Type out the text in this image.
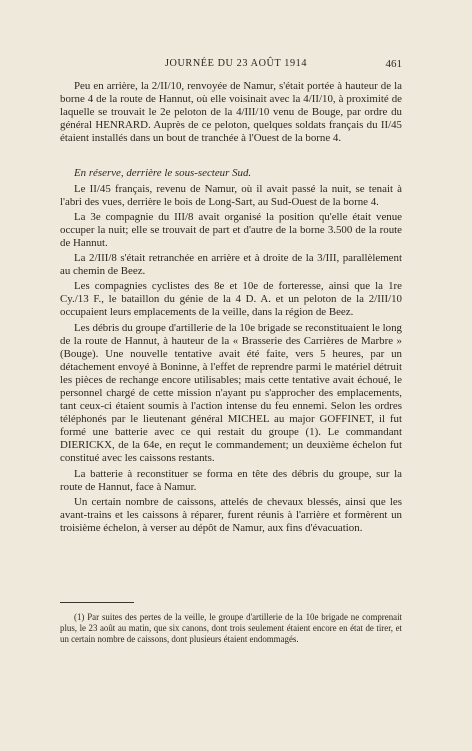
JOURNÉE DU 23 AOÛT 1914	461

Peu en arrière, la 2/II/10, renvoyée de Namur, s'était portée à hauteur de la borne 4 de la route de Hannut, où elle voisinait avec la 4/II/10, à proximité de laquelle se trouvait le 2e peloton de la 4/III/10 venu de Bouge, par ordre du général HENRARD. Auprès de ce peloton, quelques soldats français du II/45 étaient installés dans un bout de tranchée à l'Ouest de la borne 4.

En réserve, derrière le sous-secteur Sud.

Le II/45 français, revenu de Namur, où il avait passé la nuit, se tenait à l'abri des vues, derrière le bois de Long-Sart, au Sud-Ouest de la borne 4.

La 3e compagnie du III/8 avait organisé la position qu'elle était venue occuper la nuit; elle se trouvait de part et d'autre de la borne 3.500 de la route de Hannut.

La 2/III/8 s'était retranchée en arrière et à droite de la 3/III, parallèlement au chemin de Beez.

Les compagnies cyclistes des 8e et 10e de forteresse, ainsi que la 1re Cy./13 F., le bataillon du génie de la 4 D. A. et un peloton de la 2/III/10 occupaient leurs emplacements de la veille, dans la région de Beez.

Les débris du groupe d'artillerie de la 10e brigade se reconstituaient le long de la route de Hannut, à hauteur de la « Brasserie des Carrières de Marbre » (Bouge). Une nouvelle tentative avait été faite, vers 5 heures, par un détachement envoyé à Boninne, à l'effet de reprendre parmi le matériel détruit les pièces de rechange encore utilisables; mais cette tentative avait échoué, le personnel chargé de cette mission n'ayant pu s'approcher des emplacements, tant ceux-ci étaient soumis à l'action intense du feu ennemi. Selon les ordres téléphonés par le lieutenant général MICHEL au major GOFFINET, il fut formé une batterie avec ce qui restait du groupe (1). Le commandant DIERICKX, de la 64e, en reçut le commandement; un deuxième échelon fut constitué avec les caissons restants.

La batterie à reconstituer se forma en tête des débris du groupe, sur la route de Hannut, face à Namur.

Un certain nombre de caissons, attelés de chevaux blessés, ainsi que les avant-trains et les caissons à réparer, furent réunis à l'arrière et formèrent un troisième échelon, à verser au dépôt de Namur, aux fins d'évacuation.

(1) Par suites des pertes de la veille, le groupe d'artillerie de la 10e brigade ne comprenait plus, le 23 août au matin, que six canons, dont trois seulement étaient encore en état de tirer, et un certain nombre de caissons, dont plusieurs étaient endommagés.
